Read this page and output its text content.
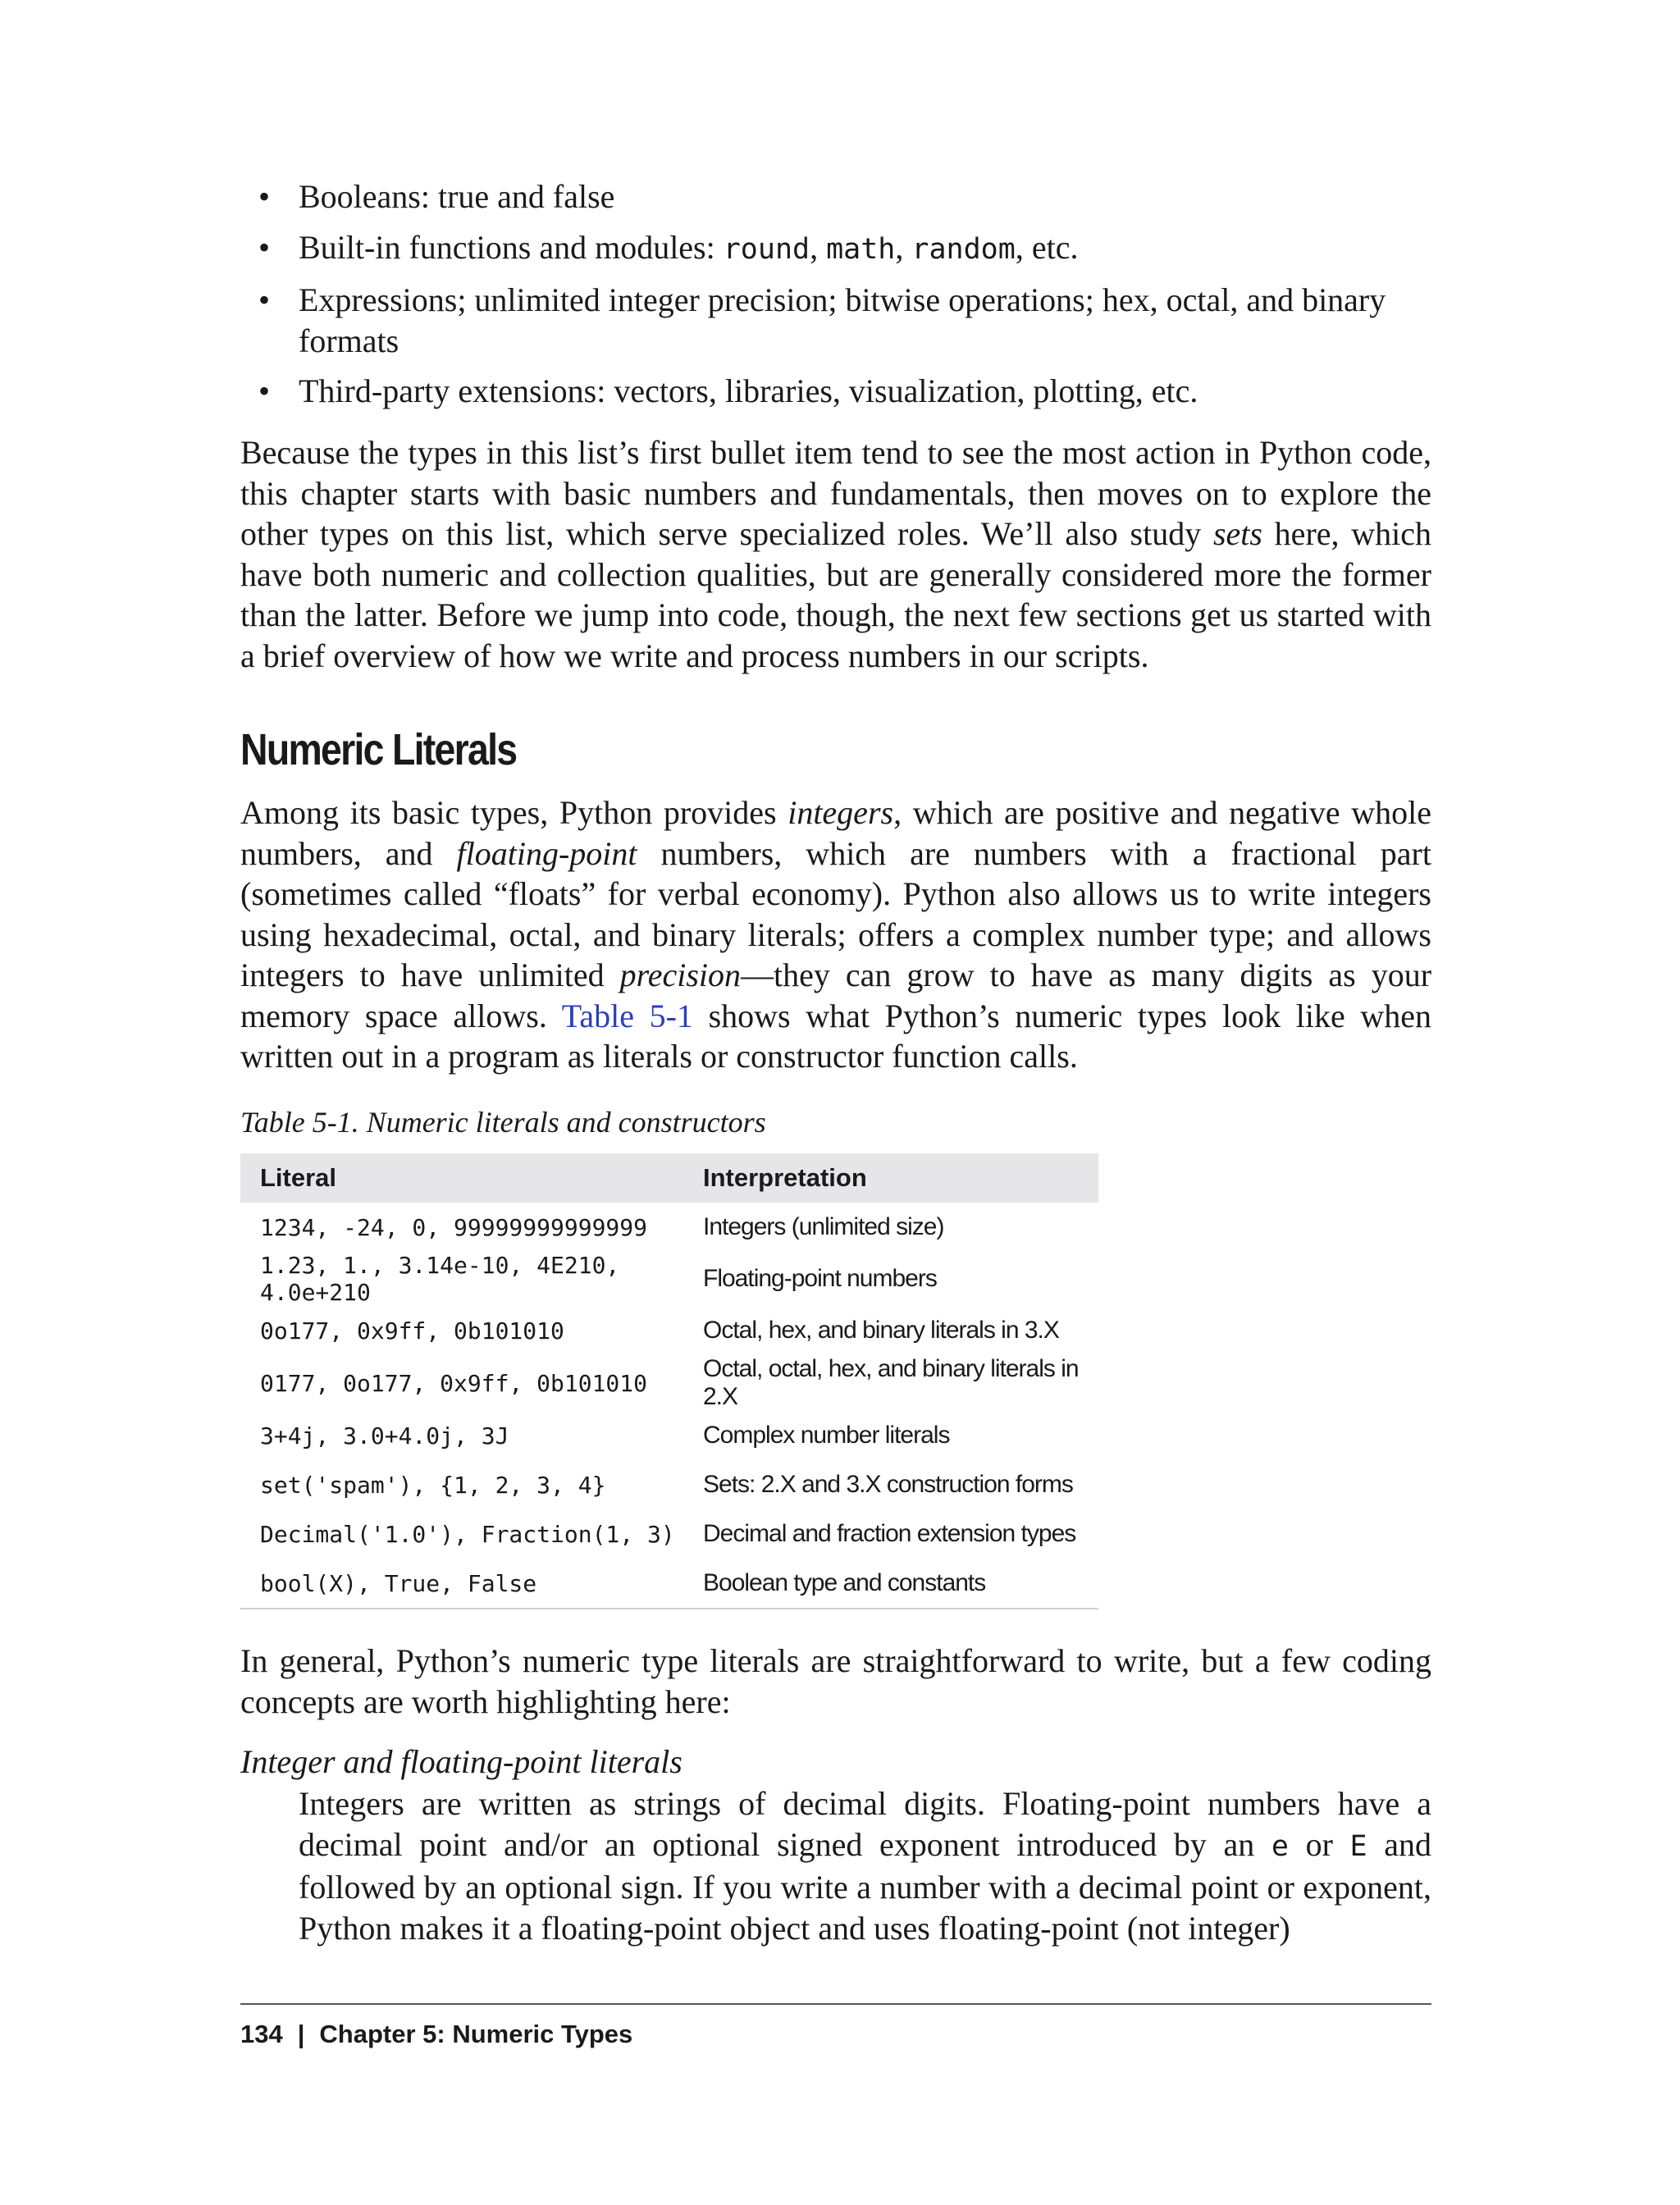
• Booleans: true and false
• Built-in functions and modules: round, math, random, etc.
• Expressions; unlimited integer precision; bitwise operations; hex, octal, and binary formats
• Third-party extensions: vectors, libraries, visualization, plotting, etc.

Because the types in this list’s first bullet item tend to see the most action in Python code, this chapter starts with basic numbers and fundamentals, then moves on to explore the other types on this list, which serve specialized roles. We’ll also study sets here, which have both numeric and collection qualities, but are generally considered more the former than the latter. Before we jump into code, though, the next few sections get us started with a brief overview of how we write and process numbers in our scripts.

Numeric Literals

Among its basic types, Python provides integers, which are positive and negative whole numbers, and floating-point numbers, which are numbers with a fractional part (sometimes called “floats” for verbal economy). Python also allows us to write integers using hexadecimal, octal, and binary literals; offers a complex number type; and allows integers to have unlimited precision—they can grow to have as many digits as your memory space allows. Table 5-1 shows what Python’s numeric types look like when written out in a program as literals or constructor function calls.

Table 5-1. Numeric literals and constructors
Literal	Interpretation
1234, -24, 0, 99999999999999	Integers (unlimited size)
1.23, 1., 3.14e-10, 4E210, 4.0e+210	Floating-point numbers
0o177, 0x9ff, 0b101010	Octal, hex, and binary literals in 3.X
0177, 0o177, 0x9ff, 0b101010	Octal, octal, hex, and binary literals in 2.X
3+4j, 3.0+4.0j, 3J	Complex number literals
set('spam'), {1, 2, 3, 4}	Sets: 2.X and 3.X construction forms
Decimal('1.0'), Fraction(1, 3)	Decimal and fraction extension types
bool(X), True, False	Boolean type and constants

In general, Python’s numeric type literals are straightforward to write, but a few coding concepts are worth highlighting here:

Integer and floating-point literals

Integers are written as strings of decimal digits. Floating-point numbers have a decimal point and/or an optional signed exponent introduced by an e or E and followed by an optional sign. If you write a number with a decimal point or exponent, Python makes it a floating-point object and uses floating-point (not integer)

134 | Chapter 5: Numeric Types
